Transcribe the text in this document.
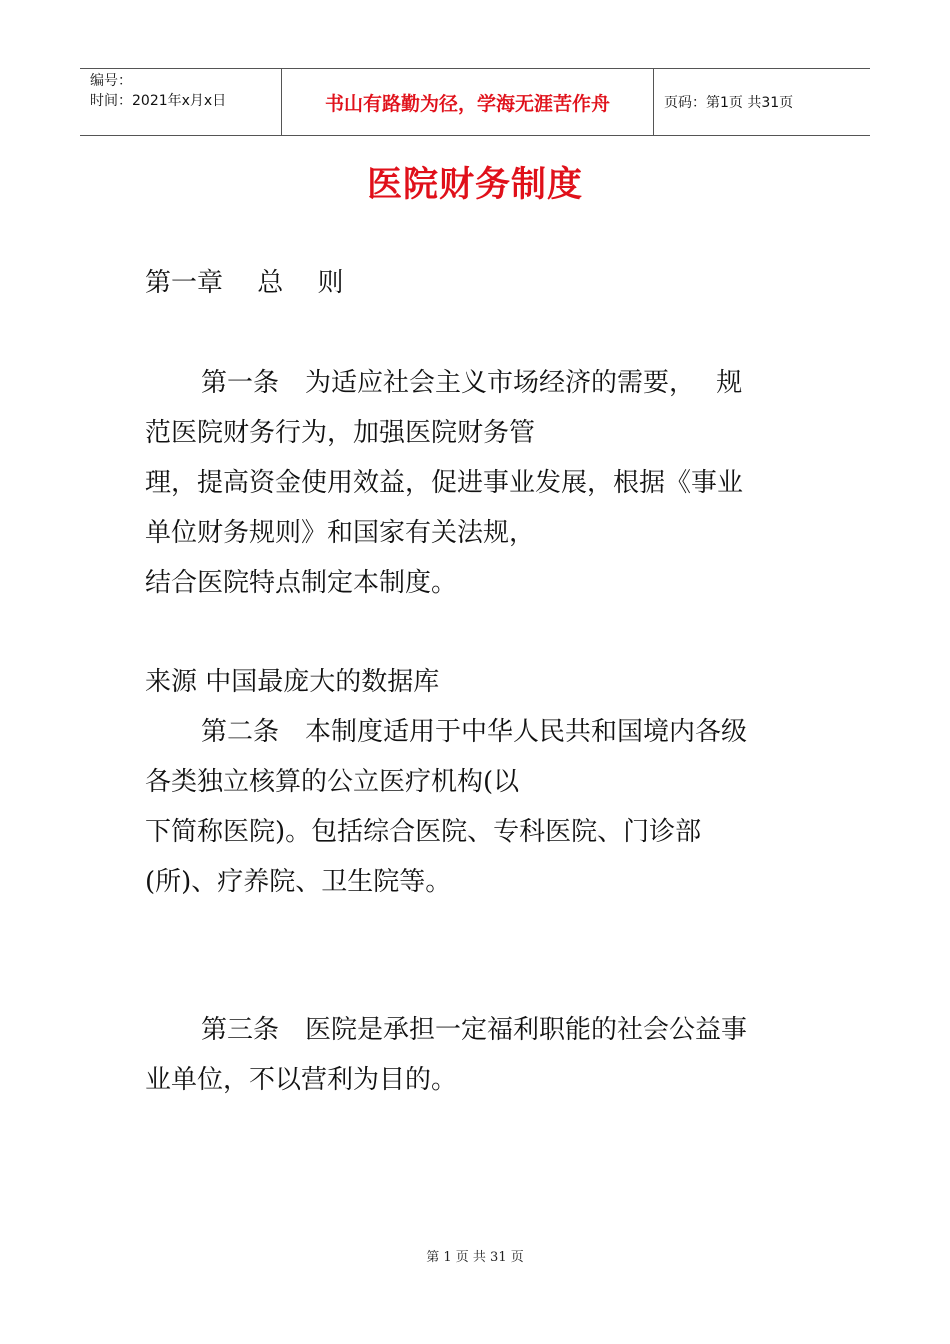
编号：
时间：2021年x月x日	书山有路勤为径，学海无涯苦作舟	页码：第1页 共31页
医院财务制度
第一章　 总　 则
第一条　为适应社会主义市场经济的需要，　 规
范医院财务行为，加强医院财务管
理，提高资金使用效益，促进事业发展，根据《事业
单位财务规则》和国家有关法规，
结合医院特点制定本制度。
来源 中国最庞大的数据库
第二条　本制度适用于中华人民共和国境内各级
各类独立核算的公立医疗机构(以
下简称医院)。包括综合医院、专科医院、门诊部
(所)、疗养院、卫生院等。
第三条　医院是承担一定福利职能的社会公益事
业单位，不以营利为目的。
第 1 页 共 31 页
